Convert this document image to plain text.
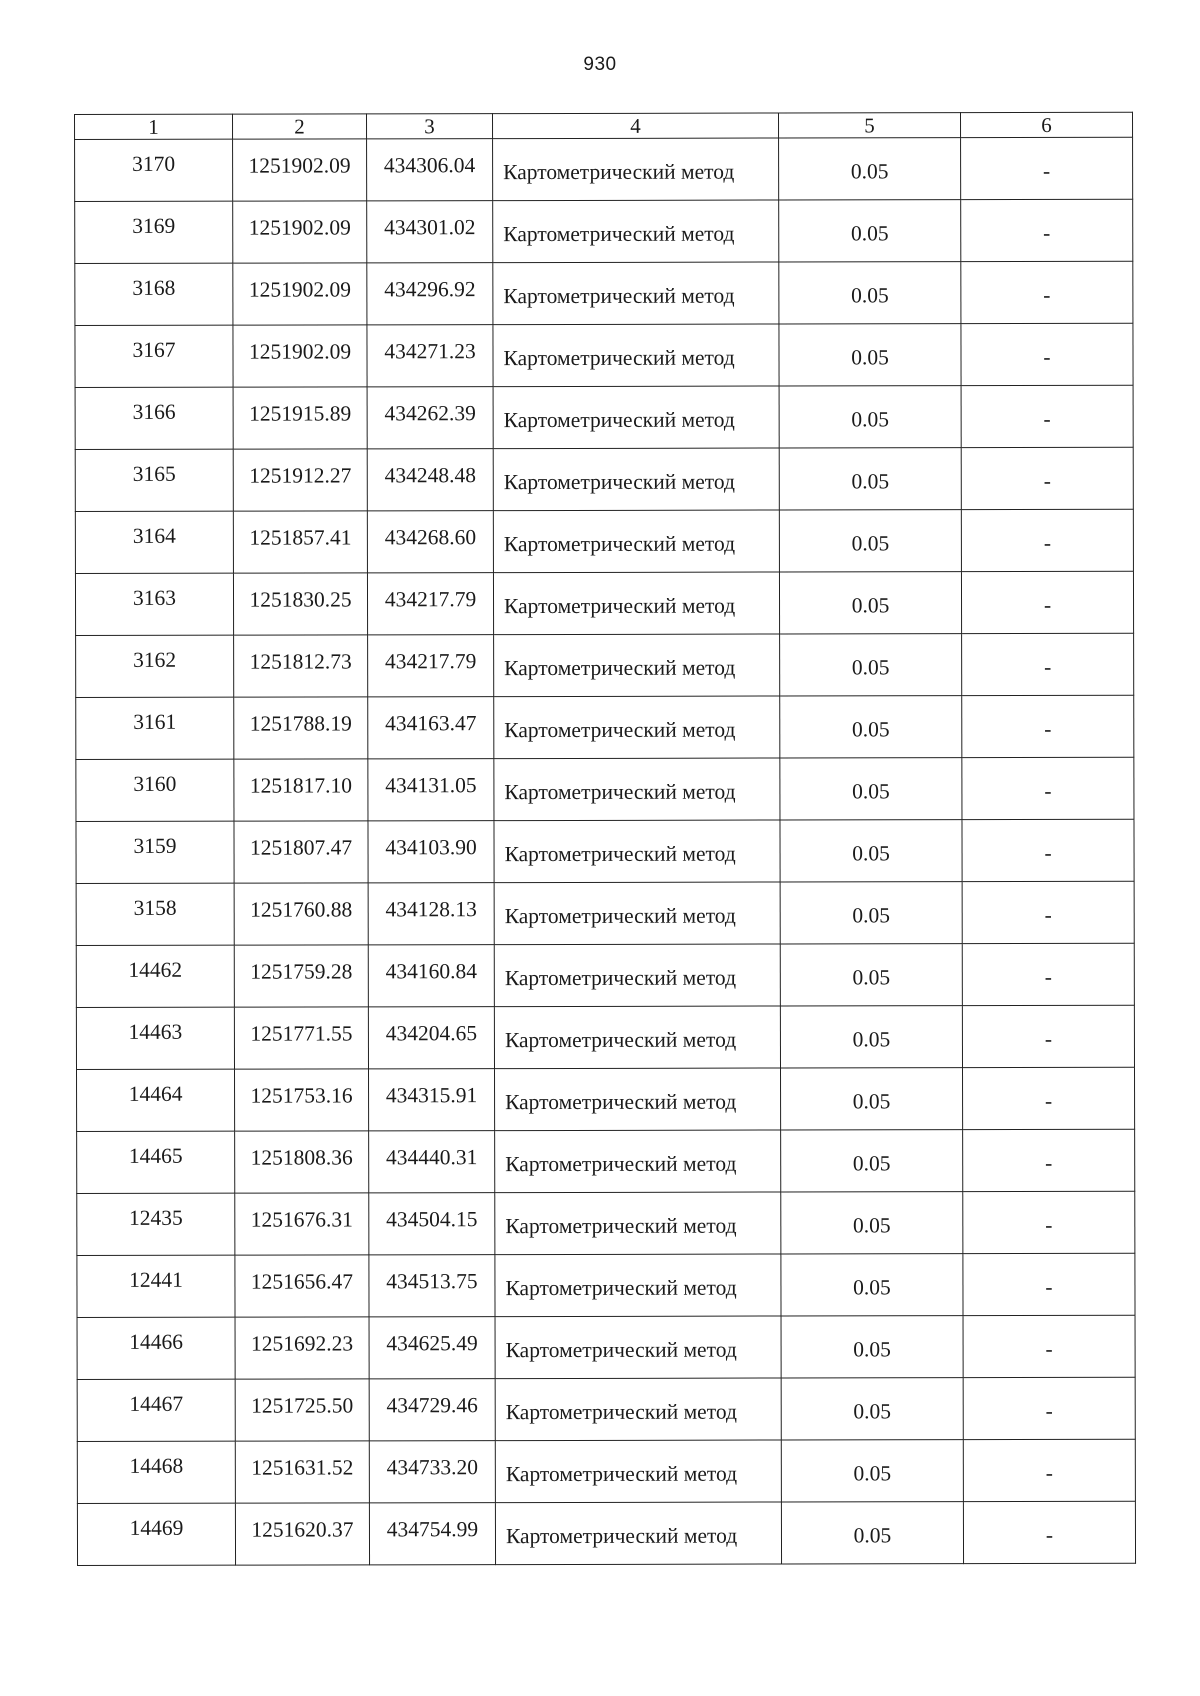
930
1	2	3	4	5	6
3170	1251902.09	434306.04	Картометрический метод	0.05	-
3169	1251902.09	434301.02	Картометрический метод	0.05	-
3168	1251902.09	434296.92	Картометрический метод	0.05	-
3167	1251902.09	434271.23	Картометрический метод	0.05	-
3166	1251915.89	434262.39	Картометрический метод	0.05	-
3165	1251912.27	434248.48	Картометрический метод	0.05	-
3164	1251857.41	434268.60	Картометрический метод	0.05	-
3163	1251830.25	434217.79	Картометрический метод	0.05	-
3162	1251812.73	434217.79	Картометрический метод	0.05	-
3161	1251788.19	434163.47	Картометрический метод	0.05	-
3160	1251817.10	434131.05	Картометрический метод	0.05	-
3159	1251807.47	434103.90	Картометрический метод	0.05	-
3158	1251760.88	434128.13	Картометрический метод	0.05	-
14462	1251759.28	434160.84	Картометрический метод	0.05	-
14463	1251771.55	434204.65	Картометрический метод	0.05	-
14464	1251753.16	434315.91	Картометрический метод	0.05	-
14465	1251808.36	434440.31	Картометрический метод	0.05	-
12435	1251676.31	434504.15	Картометрический метод	0.05	-
12441	1251656.47	434513.75	Картометрический метод	0.05	-
14466	1251692.23	434625.49	Картометрический метод	0.05	-
14467	1251725.50	434729.46	Картометрический метод	0.05	-
14468	1251631.52	434733.20	Картометрический метод	0.05	-
14469	1251620.37	434754.99	Картометрический метод	0.05	-
